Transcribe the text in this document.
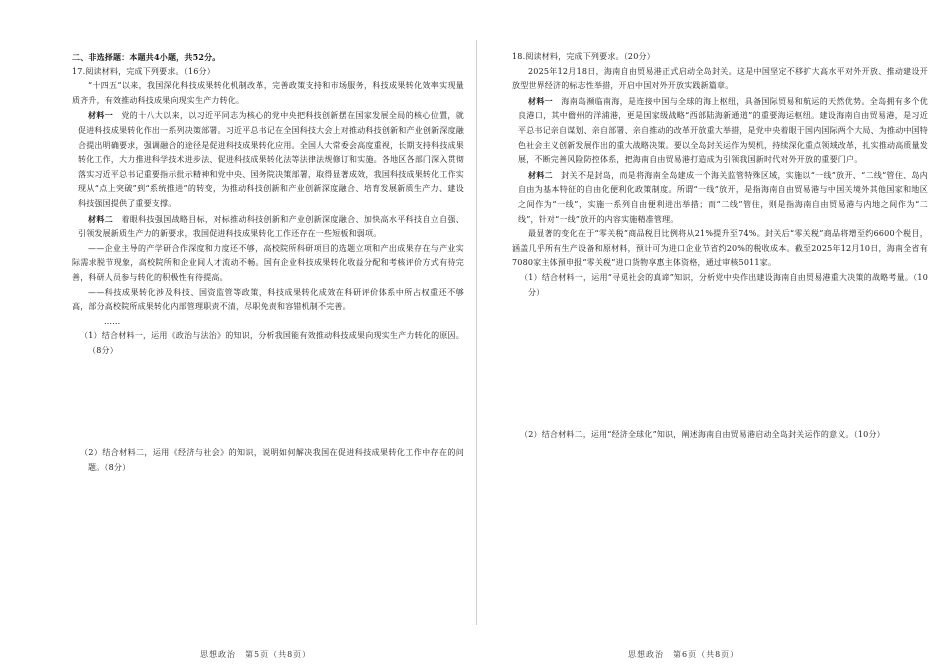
二、非选择题：本题共4小题，共52分。

17.阅读材料，完成下列要求。（16分）

“十四五”以来，我国深化科技成果转化机制改革，完善政策支持和市场服务，科技成果转化效率实现量质齐升，有效推动科技成果向现实生产力转化。

材料一　 党的十八大以来，以习近平同志为核心的党中央把科技创新摆在国家发展全局的核心位置，就促进科技成果转化作出一系列决策部署。习近平总书记在全国科技大会上对推动科技创新和产业创新深度融合提出明确要求，强调融合的途径是促进科技成果转化应用。全国人大常委会高度重视，长期支持科技成果转化工作，大力推进科学技术进步法、促进科技成果转化法等法律法规修订和实施。各地区各部门深入贯彻落实习近平总书记重要指示批示精神和党中央、国务院决策部署，取得显著成效，我国科技成果转化工作实现从“点上突破”到“系统推进”的转变，为推动科技创新和产业创新深度融合、培育发展新质生产力、建设科技强国提供了重要支撑。

材料二　 着眼科技强国战略目标，对标推动科技创新和产业创新深度融合、加快高水平科技自立自强、引领发展新质生产力的新要求，我国促进科技成果转化工作还存在一些短板和弱项。

——企业主导的产学研合作深度和力度还不够，高校院所科研项目的选题立项和产出成果存在与产业实际需求脱节现象，高校院所和企业间人才流动不畅。国有企业科技成果转化收益分配和考核评价方式有待完善，科研人员参与转化的积极性有待提高。

——科技成果转化涉及科技、国资监管等政策，科技成果转化成效在科研评价体系中所占权重还不够高，部分高校院所成果转化内部管理职责不清，尽职免责和容错机制不完善。

……

（1）结合材料一，运用《政治与法治》的知识，分析我国能有效推动科技成果向现实生产力转化的原因。（8分）

（2）结合材料二，运用《经济与社会》的知识，说明如何解决我国在促进科技成果转化工作中存在的问题。（8分）

思想政治　第5页（共8页）

18.阅读材料，完成下列要求。（20分）

2025年12月18日，海南自由贸易港正式启动全岛封关。这是中国坚定不移扩大高水平对外开放、推动建设开放型世界经济的标志性举措，开启中国对外开放实践新篇章。

材料一　 海南岛濒临南海，是连接中国与全球的海上枢纽，具备国际贸易和航运的天然优势。全岛拥有多个优良港口，其中儋州的洋浦港，更是国家级战略“西部陆海新通道”的重要海运枢纽。建设海南自由贸易港，是习近平总书记亲自谋划、亲自部署、亲自推动的改革开放重大举措，是党中央着眼于国内国际两个大局、为推动中国特色社会主义创新发展作出的重大战略决策。要以全岛封关运作为契机，持续深化重点领域改革，扎实推动高质量发展，不断完善风险防控体系，把海南自由贸易港打造成为引领我国新时代对外开放的重要门户。

材料二　 封关不是封岛，而是将海南全岛建成一个海关监管特殊区域，实施以“一线”放开、“二线”管住、岛内自由为基本特征的自由化便利化政策制度。所谓“一线”放开，是指海南自由贸易港与中国关境外其他国家和地区之间作为“一线”，实施一系列自由便利进出举措；而“二线”管住，则是指海南自由贸易港与内地之间作为“二线”，针对“一线”放开的内容实施精准管理。

最显著的变化在于“零关税”商品税目比例将从21%提升至74%。封关后“零关税”商品将增至约6600个税目，涵盖几乎所有生产设备和原材料，预计可为进口企业节省约20%的税收成本。截至2025年12月10日，海南全省有7080家主体預申报“零关税”进口货物享惠主体资格，通过审核5011家。

（1）结合材料一，运用“寻觅社会的真谛”知识，分析党中央作出建设海南自由贸易港重大决策的战略考量。（10分）

（2）结合材料二，运用“经济全球化”知识，阐述海南自由贸易港启动全岛封关运作的意义。（10分）

思想政治　第6页（共8页）
